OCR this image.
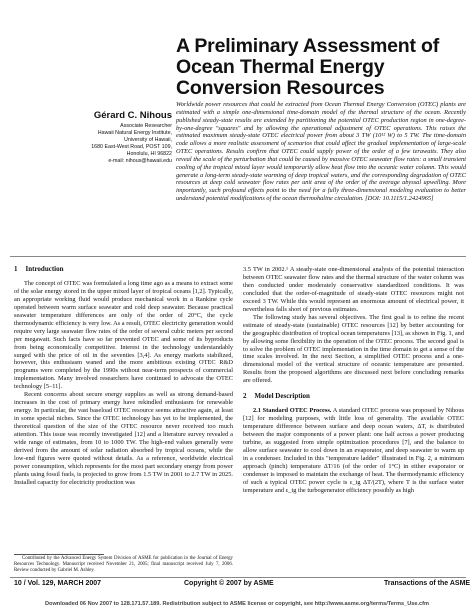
A Preliminary Assessment of Ocean Thermal Energy Conversion Resources
Gérard C. Nihous
Associate Researcher
Hawaii Natural Energy Institute,
University of Hawaii,
1680 East-West Road, POST 109,
Honolulu, HI 96822
e-mail: nihous@hawaii.edu
Worldwide power resources that could be extracted from Ocean Thermal Energy Conversion (OTEC) plants are estimated with a simple one-dimensional time-domain model of the thermal structure of the ocean. Recently published steady-state results are extended by partitioning the potential OTEC production region in one-degree-by-one-degree "squares" and by allowing the operational adjustment of OTEC operations. This raises the estimated maximum steady-state OTEC electrical power from about 3 TW (10¹² W) to 5 TW. The time-domain code allows a more realistic assessment of scenarios that could affect the gradual implementation of large-scale OTEC operations. Results confirm that OTEC could supply power of the order of a few terawatts. They also reveal the scale of the perturbation that could be caused by massive OTEC seawater flow rates: a small transient cooling of the tropical mixed layer would temporarily allow heat flow into the oceanic water column. This would generate a long-term steady-state warming of deep tropical waters, and the corresponding degradation of OTEC resources at deep cold seawater flow rates per unit area of the order of the average abyssal upwelling. More importantly, such profound effects point to the need for a fully three-dimensional modeling evaluation to better understand potential modifications of the ocean thermohaline circulation. [DOI: 10.1115/1.2424965]
1 Introduction

The concept of OTEC was formulated a long time ago as a means to extract some of the solar energy stored in the upper mixed layer of tropical oceans [1,2]. Typically, an appropriate working fluid would produce mechanical work in a Rankine cycle operated between warm surface seawater and cold deep seawater. Because practical seawater temperature differences are only of the order of 20°C, the cycle thermodynamic efficiency is very low. As a result, OTEC electricity generation would require very large seawater flow rates of the order of several cubic meters per second per megawatt. Such facts have so far prevented OTEC and some of its byproducts from being economically competitive. Interest in the technology understandably surged with the price of oil in the seventies [3,4]. As energy markets stabilized, however, this enthusiasm waned and the more ambitious existing OTEC R&D programs were completed by the 1990s without near-term prospects of commercial implementation. Many involved researchers have continued to advocate the OTEC technology [5–11].

Recent concerns about secure energy supplies as well as strong demand-based increases in the cost of primary energy have rekindled enthusiasm for renewable energy. In particular, the vast baseload OTEC resource seems attractive again, at least in some special niches. Since the OTEC technology has yet to be implemented, the theoretical question of the size of the OTEC resource never received too much attention. This issue was recently investigated [12] and a literature survey revealed a wide range of estimates, from 10 to 1000 TW. The high-end values generally were derived from the amount of solar radiation absorbed by tropical oceans, while the low-end figures were quoted without details. As a reference, worldwide electrical power consumption, which represents for the most part secondary energy from power plants using fossil fuels, is projected to grow from 1.5 TW in 2001 to 2.7 TW in 2025. Installed capacity for electricity production was

3.5 TW in 2002.¹ A steady-state one-dimensional analysis of the potential interaction between OTEC seawater flow rates and the thermal structure of the water column was then conducted under moderately conservative standardized conditions. It was concluded that the order-of-magnitude of steady-state OTEC resources might not exceed 3 TW. While this would represent an enormous amount of electrical power, it nevertheless falls short of previous estimates.

The following study has several objectives. The first goal is to refine the recent estimate of steady-state (sustainable) OTEC resources [12] by better accounting for the geographic distribution of tropical ocean temperatures [13], as shown in Fig. 1, and by allowing some flexibility in the operation of the OTEC process. The second goal is to solve the problem of OTEC implementation in the time domain to get a sense of the time scales involved. In the next Section, a simplified OTEC process and a one-dimensional model of the vertical structure of oceanic temperature are presented. Results from the proposed algorithms are discussed next before concluding remarks are offered.

2 Model Description

2.1 Standard OTEC Process. A standard OTEC process was proposed by Nihous [12] for modeling purposes, with little loss of generality. The available OTEC temperature difference between surface and deep ocean waters, ΔT, is distributed between the major components of a power plant: one half across a power producing turbine, as suggested from simple optimization procedures [7], and the balance to allow surface seawater to cool down in an evaporator, and deep seawater to warm up in a condenser. Included in this "temperature ladder" illustrated in Fig. 2, a minimum approach (pinch) temperature ΔT/16 (of the order of 1°C) in either evaporator or condenser is imposed to maintain the exchange of heat. The thermodynamic efficiency of such a typical OTEC power cycle is ε_tg ΔT/(2T), where T is the surface water temperature and ε_tg the turbogenerator efficiency possibly as high

Contributed by the Advanced Energy System Division of ASME for publication in the Journal of Energy Resources Technology. Manuscript received November 21, 2005; final manuscript received July 7, 2006. Review conducted by Gabriel M. Ashley.
10 / Vol. 129, MARCH 2007	Copyright © 2007 by ASME	Transactions of the ASME
Downloaded 06 Nov 2007 to 128.171.57.189. Redistribution subject to ASME license or copyright, see http://www.asme.org/terms/Terms_Use.cfm
